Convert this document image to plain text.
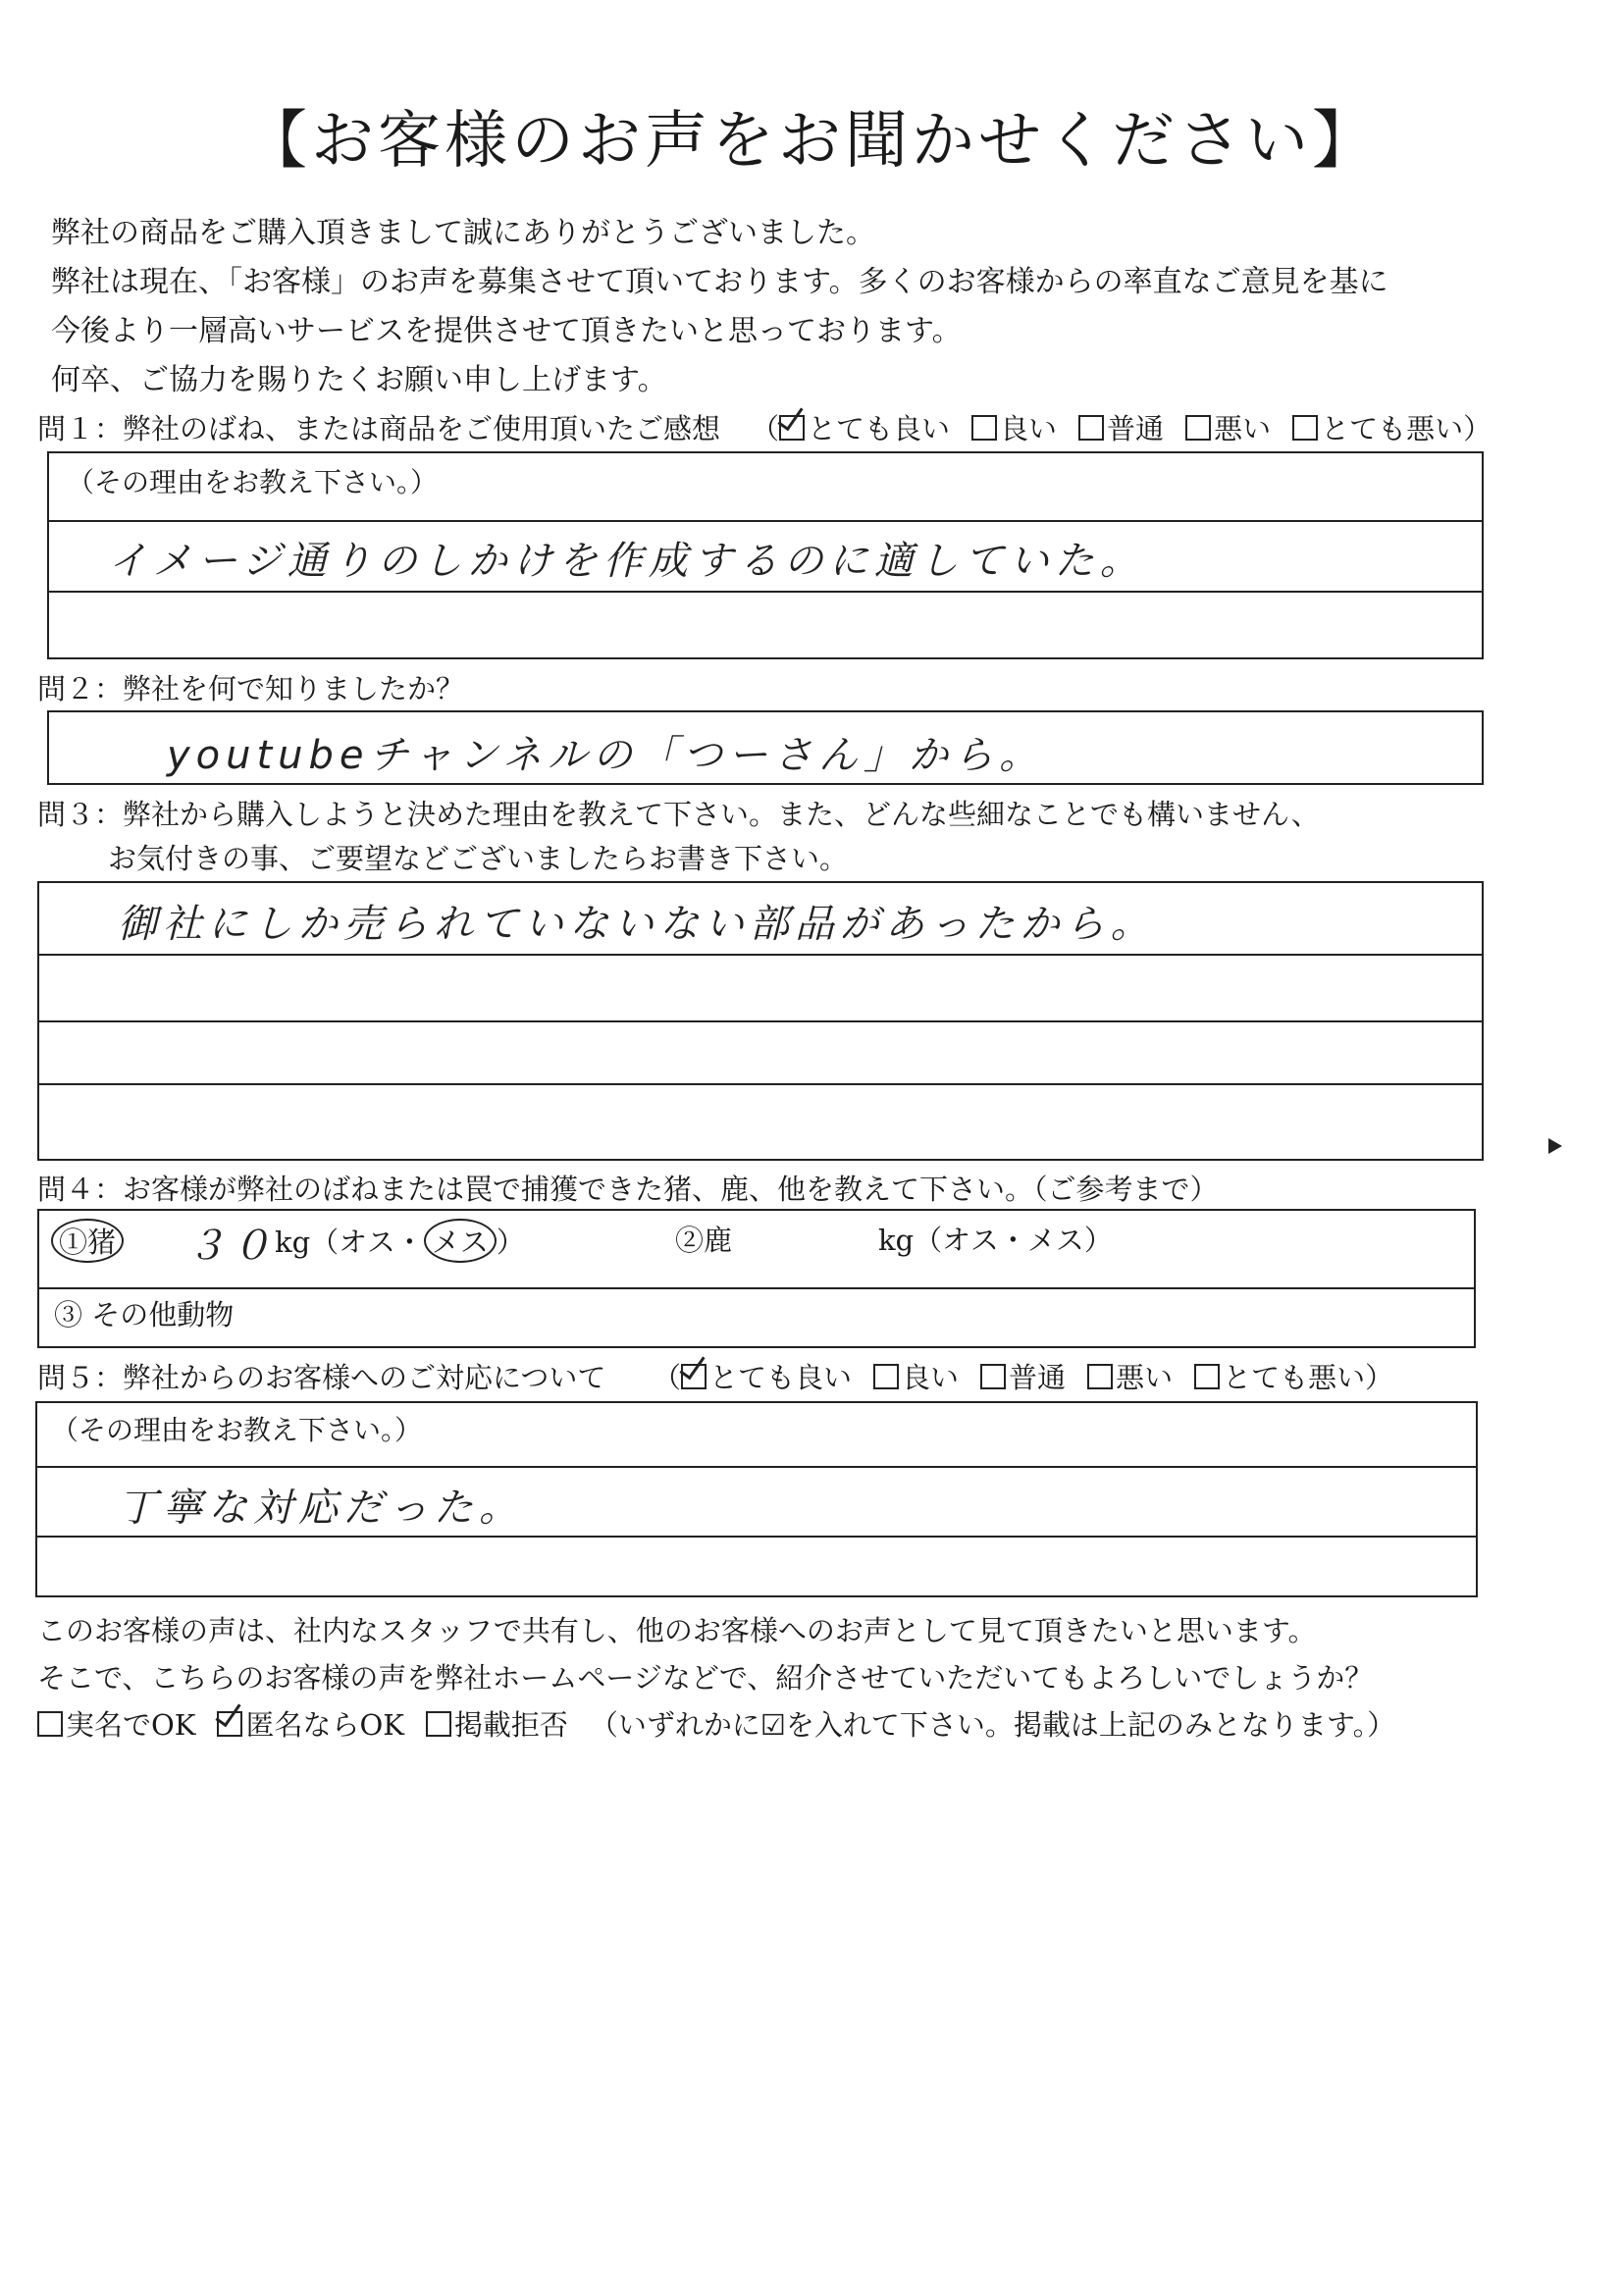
【お客様のお声をお聞かせください】
弊社の商品をご購入頂きまして誠にありがとうございました。
弊社は現在、「お客様」のお声を募集させて頂いております。多くのお客様からの率直なご意見を基に
今後より一層高いサービスを提供させて頂きたいと思っております。
何卒、ご協力を賜りたくお願い申し上げます。
問１：弊社のばね、または商品をご使用頂いたご感想 （ とても良い 良い 普通 悪い とても悪い）
（その理由をお教え下さい。）
イメージ通りのしかけを作成するのに適していた。
問２：弊社を何で知りましたか？
youtubeチャンネルの「つーさん」から。
問３：弊社から購入しようと決めた理由を教えて下さい。また、どんな些細なことでも構いません、
お気付きの事、ご要望などございましたらお書き下さい。
御社にしか売られていないない部品があったから。
問４：お客様が弊社のばねまたは罠で捕獲できた猪、鹿、他を教えて下さい。（ご参考まで）
①猪 ３０
kg（オス・ メス ）	②鹿	kg（オス・メス）
③ その他動物
問５：弊社からのお客様へのご対応について （ とても良い 良い 普通 悪い とても悪い）
（その理由をお教え下さい。）
丁寧な対応だった。
このお客様の声は、社内なスタッフで共有し、他のお客様へのお声として見て頂きたいと思います。
そこで、こちらのお客様の声を弊社ホームページなどで、紹介させていただいてもよろしいでしょうか？
実名でOK 匿名ならOK 掲載拒否 （いずれかに☑を入れて下さい。掲載は上記のみとなります。）
